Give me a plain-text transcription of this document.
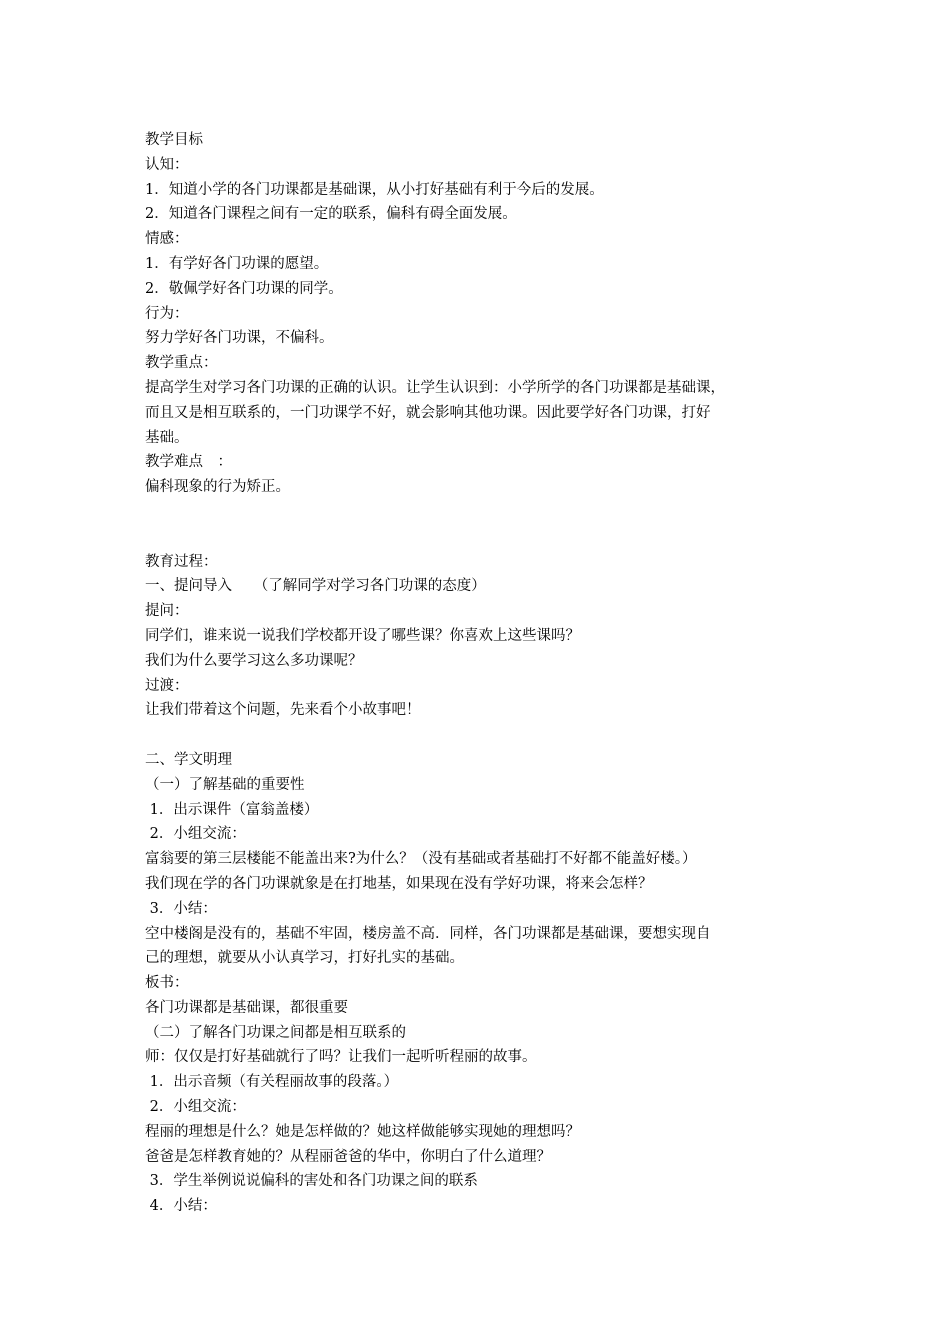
教学目标
认知：
1．知道小学的各门功课都是基础课，从小打好基础有利于今后的发展。
2．知道各门课程之间有一定的联系，偏科有碍全面发展。
情感：
1．有学好各门功课的愿望。
2．敬佩学好各门功课的同学。
行为：
努力学好各门功课，不偏科。
教学重点：
提高学生对学习各门功课的正确的认识。让学生认识到：小学所学的各门功课都是基础课，
而且又是相互联系的，一门功课学不好，就会影响其他功课。因此要学好各门功课，打好
基础。
教学难点　：
偏科现象的行为矫正。
教育过程：
一、提问导入　　（了解同学对学习各门功课的态度）
提问：
同学们，谁来说一说我们学校都开设了哪些课？你喜欢上这些课吗？
我们为什么要学习这么多功课呢？
过渡：
让我们带着这个问题，先来看个小故事吧！
二、学文明理
（一）了解基础的重要性
1．出示课件（富翁盖楼）
2．小组交流：
富翁要的第三层楼能不能盖出来?为什么？（没有基础或者基础打不好都不能盖好楼。）
我们现在学的各门功课就象是在打地基，如果现在没有学好功课，将来会怎样？
3．小结：
空中楼阁是没有的，基础不牢固，楼房盖不高．同样，各门功课都是基础课，要想实现自
己的理想，就要从小认真学习，打好扎实的基础。
板书：
各门功课都是基础课，都很重要
（二）了解各门功课之间都是相互联系的
师：仅仅是打好基础就行了吗？让我们一起听听程丽的故事。
1．出示音频（有关程丽故事的段落。）
2．小组交流：
程丽的理想是什么？她是怎样做的？她这样做能够实现她的理想吗？
爸爸是怎样教育她的？从程丽爸爸的华中，你明白了什么道理？
3．学生举例说说偏科的害处和各门功课之间的联系
4．小结：
